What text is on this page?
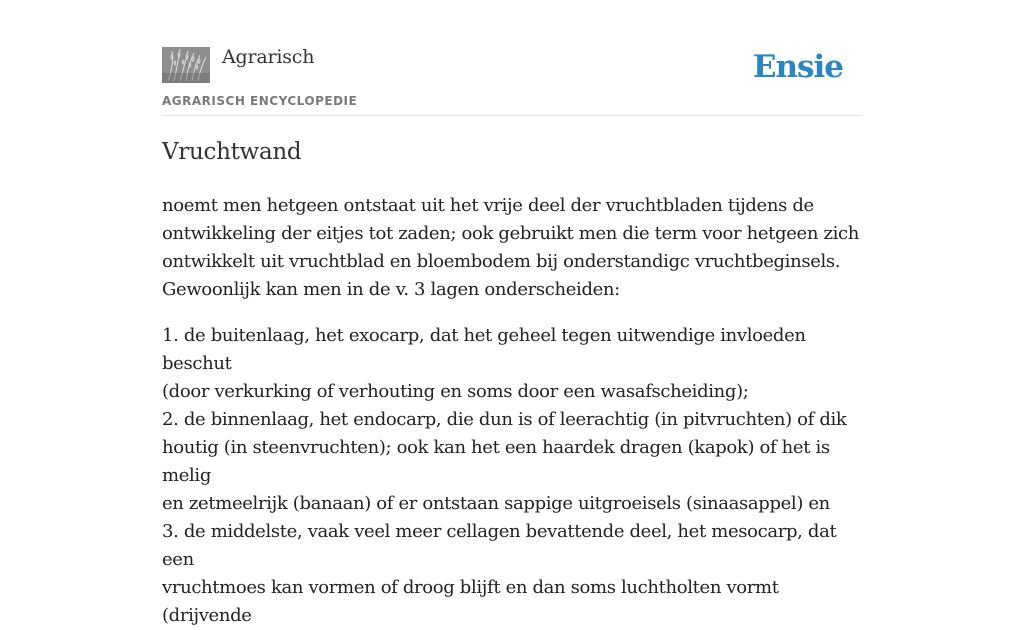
Agrarisch
AGRARISCH ENCYCLOPEDIE
Ensie
Vruchtwand

noemt men hetgeen ontstaat uit het vrije deel der vruchtbladen tijdens de
ontwikkeling der eitjes tot zaden; ook gebruikt men die term voor hetgeen zich
ontwikkelt uit vruchtblad en bloembodem bij onderstandigc vruchtbeginsels.
Gewoonlijk kan men in de v. 3 lagen onderscheiden:

1. de buitenlaag, het exocarp, dat het geheel tegen uitwendige invloeden beschut
(door verkurking of verhouting en soms door een wasafscheiding);
2. de binnenlaag, het endocarp, die dun is of leerachtig (in pitvruchten) of dik
houtig (in steenvruchten); ook kan het een haardek dragen (kapok) of het is melig
en zetmeelrijk (banaan) of er ontstaan sappige uitgroeisels (sinaasappel) en
3. de middelste, vaak veel meer cellagen bevattende deel, het mesocarp, dat een
vruchtmoes kan vormen of droog blijft en dan soms luchtholten vormt (drijvende
